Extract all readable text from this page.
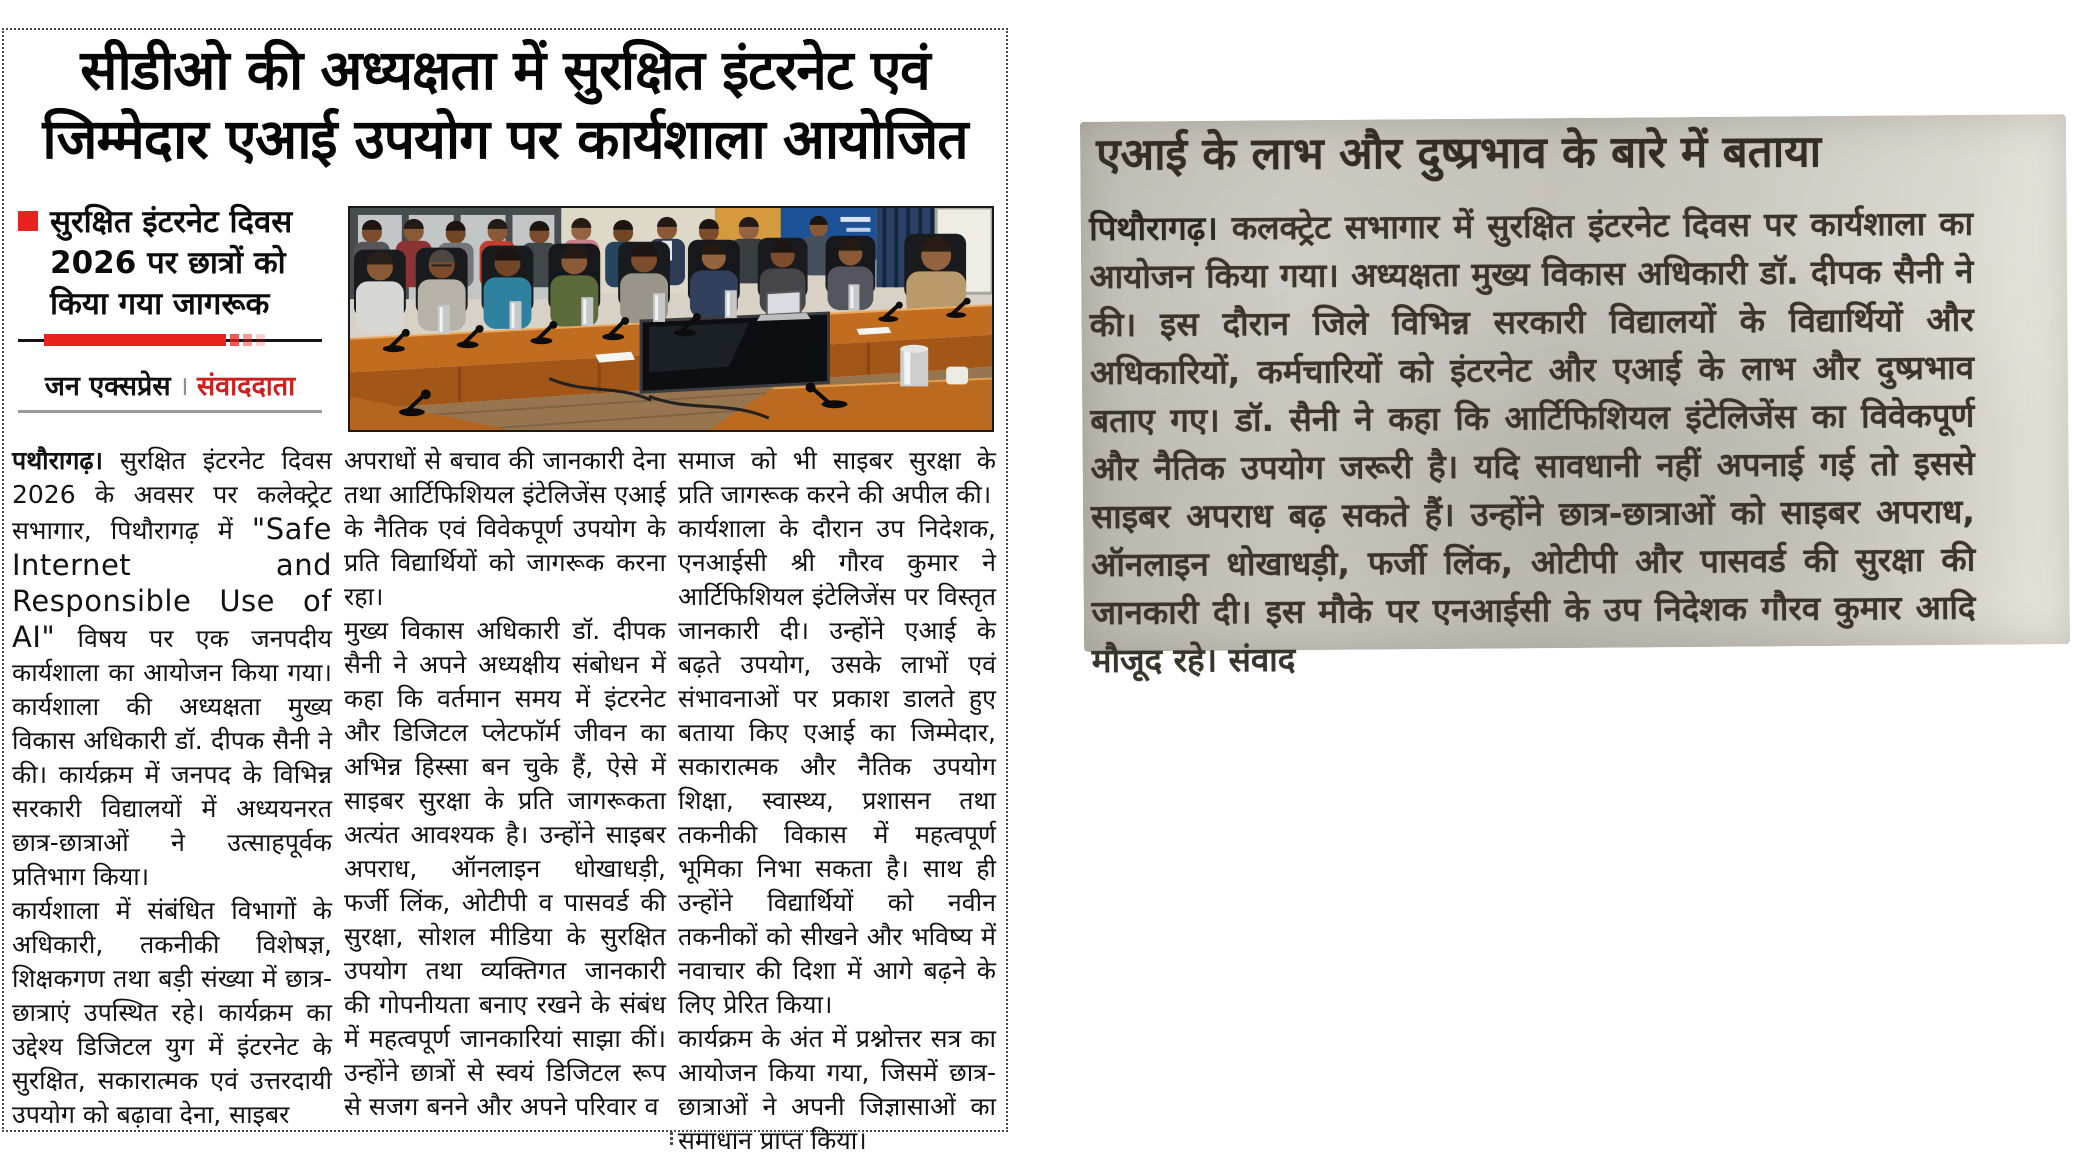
सीडीओ की अध्यक्षता में सुरक्षित इंटरनेट एवं
जिम्मेदार एआई उपयोग पर कार्यशाला आयोजित
सुरक्षित इंटरनेट दिवस 2026 पर छात्रों को किया गया जागरूक
जन एक्सप्रेस । संवाददाता

पथौरागढ़। सुरक्षित इंटरनेट दिवस 2026 के अवसर पर कलेक्ट्रेट सभागार, पिथौरागढ़ में "Safe Internet and Responsible Use of AI" विषय पर एक जनपदीय कार्यशाला का आयोजन किया गया। कार्यशाला की अध्यक्षता मुख्य विकास अधिकारी डॉ. दीपक सैनी ने की। कार्यक्रम में जनपद के विभिन्न सरकारी विद्यालयों में अध्ययनरत छात्र-छात्राओं ने उत्साहपूर्वक प्रतिभाग किया।

कार्यशाला में संबंधित विभागों के अधिकारी, तकनीकी विशेषज्ञ, शिक्षकगण तथा बड़ी संख्या में छात्र-छात्राएं उपस्थित रहे। कार्यक्रम का उद्देश्य डिजिटल युग में इंटरनेट के सुरक्षित, सकारात्मक एवं उत्तरदायी उपयोग को बढ़ावा देना, साइबर

अपराधों से बचाव की जानकारी देना तथा आर्टिफिशियल इंटेलिजेंस एआई के नैतिक एवं विवेकपूर्ण उपयोग के प्रति विद्यार्थियों को जागरूक करना रहा।

मुख्य विकास अधिकारी डॉ. दीपक सैनी ने अपने अध्यक्षीय संबोधन में कहा कि वर्तमान समय में इंटरनेट और डिजिटल प्लेटफॉर्म जीवन का अभिन्न हिस्सा बन चुके हैं, ऐसे में साइबर सुरक्षा के प्रति जागरूकता अत्यंत आवश्यक है। उन्होंने साइबर अपराध, ऑनलाइन धोखाधड़ी, फर्जी लिंक, ओटीपी व पासवर्ड की सुरक्षा, सोशल मीडिया के सुरक्षित उपयोग तथा व्यक्तिगत जानकारी की गोपनीयता बनाए रखने के संबंध में महत्वपूर्ण जानकारियां साझा कीं। उन्होंने छात्रों से स्वयं डिजिटल रूप से सजग बनने और अपने परिवार व

समाज को भी साइबर सुरक्षा के प्रति जागरूक करने की अपील की।

कार्यशाला के दौरान उप निदेशक, एनआईसी श्री गौरव कुमार ने आर्टिफिशियल इंटेलिजेंस पर विस्तृत जानकारी दी। उन्होंने एआई के बढ़ते उपयोग, उसके लाभों एवं संभावनाओं पर प्रकाश डालते हुए बताया किए एआई का जिम्मेदार, सकारात्मक और नैतिक उपयोग शिक्षा, स्वास्थ्य, प्रशासन तथा तकनीकी विकास में महत्वपूर्ण भूमिका निभा सकता है। साथ ही उन्होंने विद्यार्थियों को नवीन तकनीकों को सीखने और भविष्य में नवाचार की दिशा में आगे बढ़ने के लिए प्रेरित किया।

कार्यक्रम के अंत में प्रश्नोत्तर सत्र का आयोजन किया गया, जिसमें छात्र-छात्राओं ने अपनी जिज्ञासाओं का समाधान प्राप्त किया।

एआई के लाभ और दुष्प्रभाव के बारे में बताया
पिथौरागढ़। कलक्ट्रेट सभागार में सुरक्षित इंटरनेट दिवस पर कार्यशाला का आयोजन किया गया। अध्यक्षता मुख्य विकास अधिकारी डॉ. दीपक सैनी ने की। इस दौरान जिले विभिन्न सरकारी विद्यालयों के विद्यार्थियों और अधिकारियों, कर्मचारियों को इंटरनेट और एआई के लाभ और दुष्प्रभाव बताए गए। डॉ. सैनी ने कहा कि आर्टिफिशियल इंटेलिजेंस का विवेकपूर्ण और नैतिक उपयोग जरूरी है। यदि सावधानी नहीं अपनाई गई तो इससे साइबर अपराध बढ़ सकते हैं। उन्होंने छात्र-छात्राओं को साइबर अपराध, ऑनलाइन धोखाधड़ी, फर्जी लिंक, ओटीपी और पासवर्ड की सुरक्षा की जानकारी दी। इस मौके पर एनआईसी के उप निदेशक गौरव कुमार आदि मौजूद रहे। संवाद
